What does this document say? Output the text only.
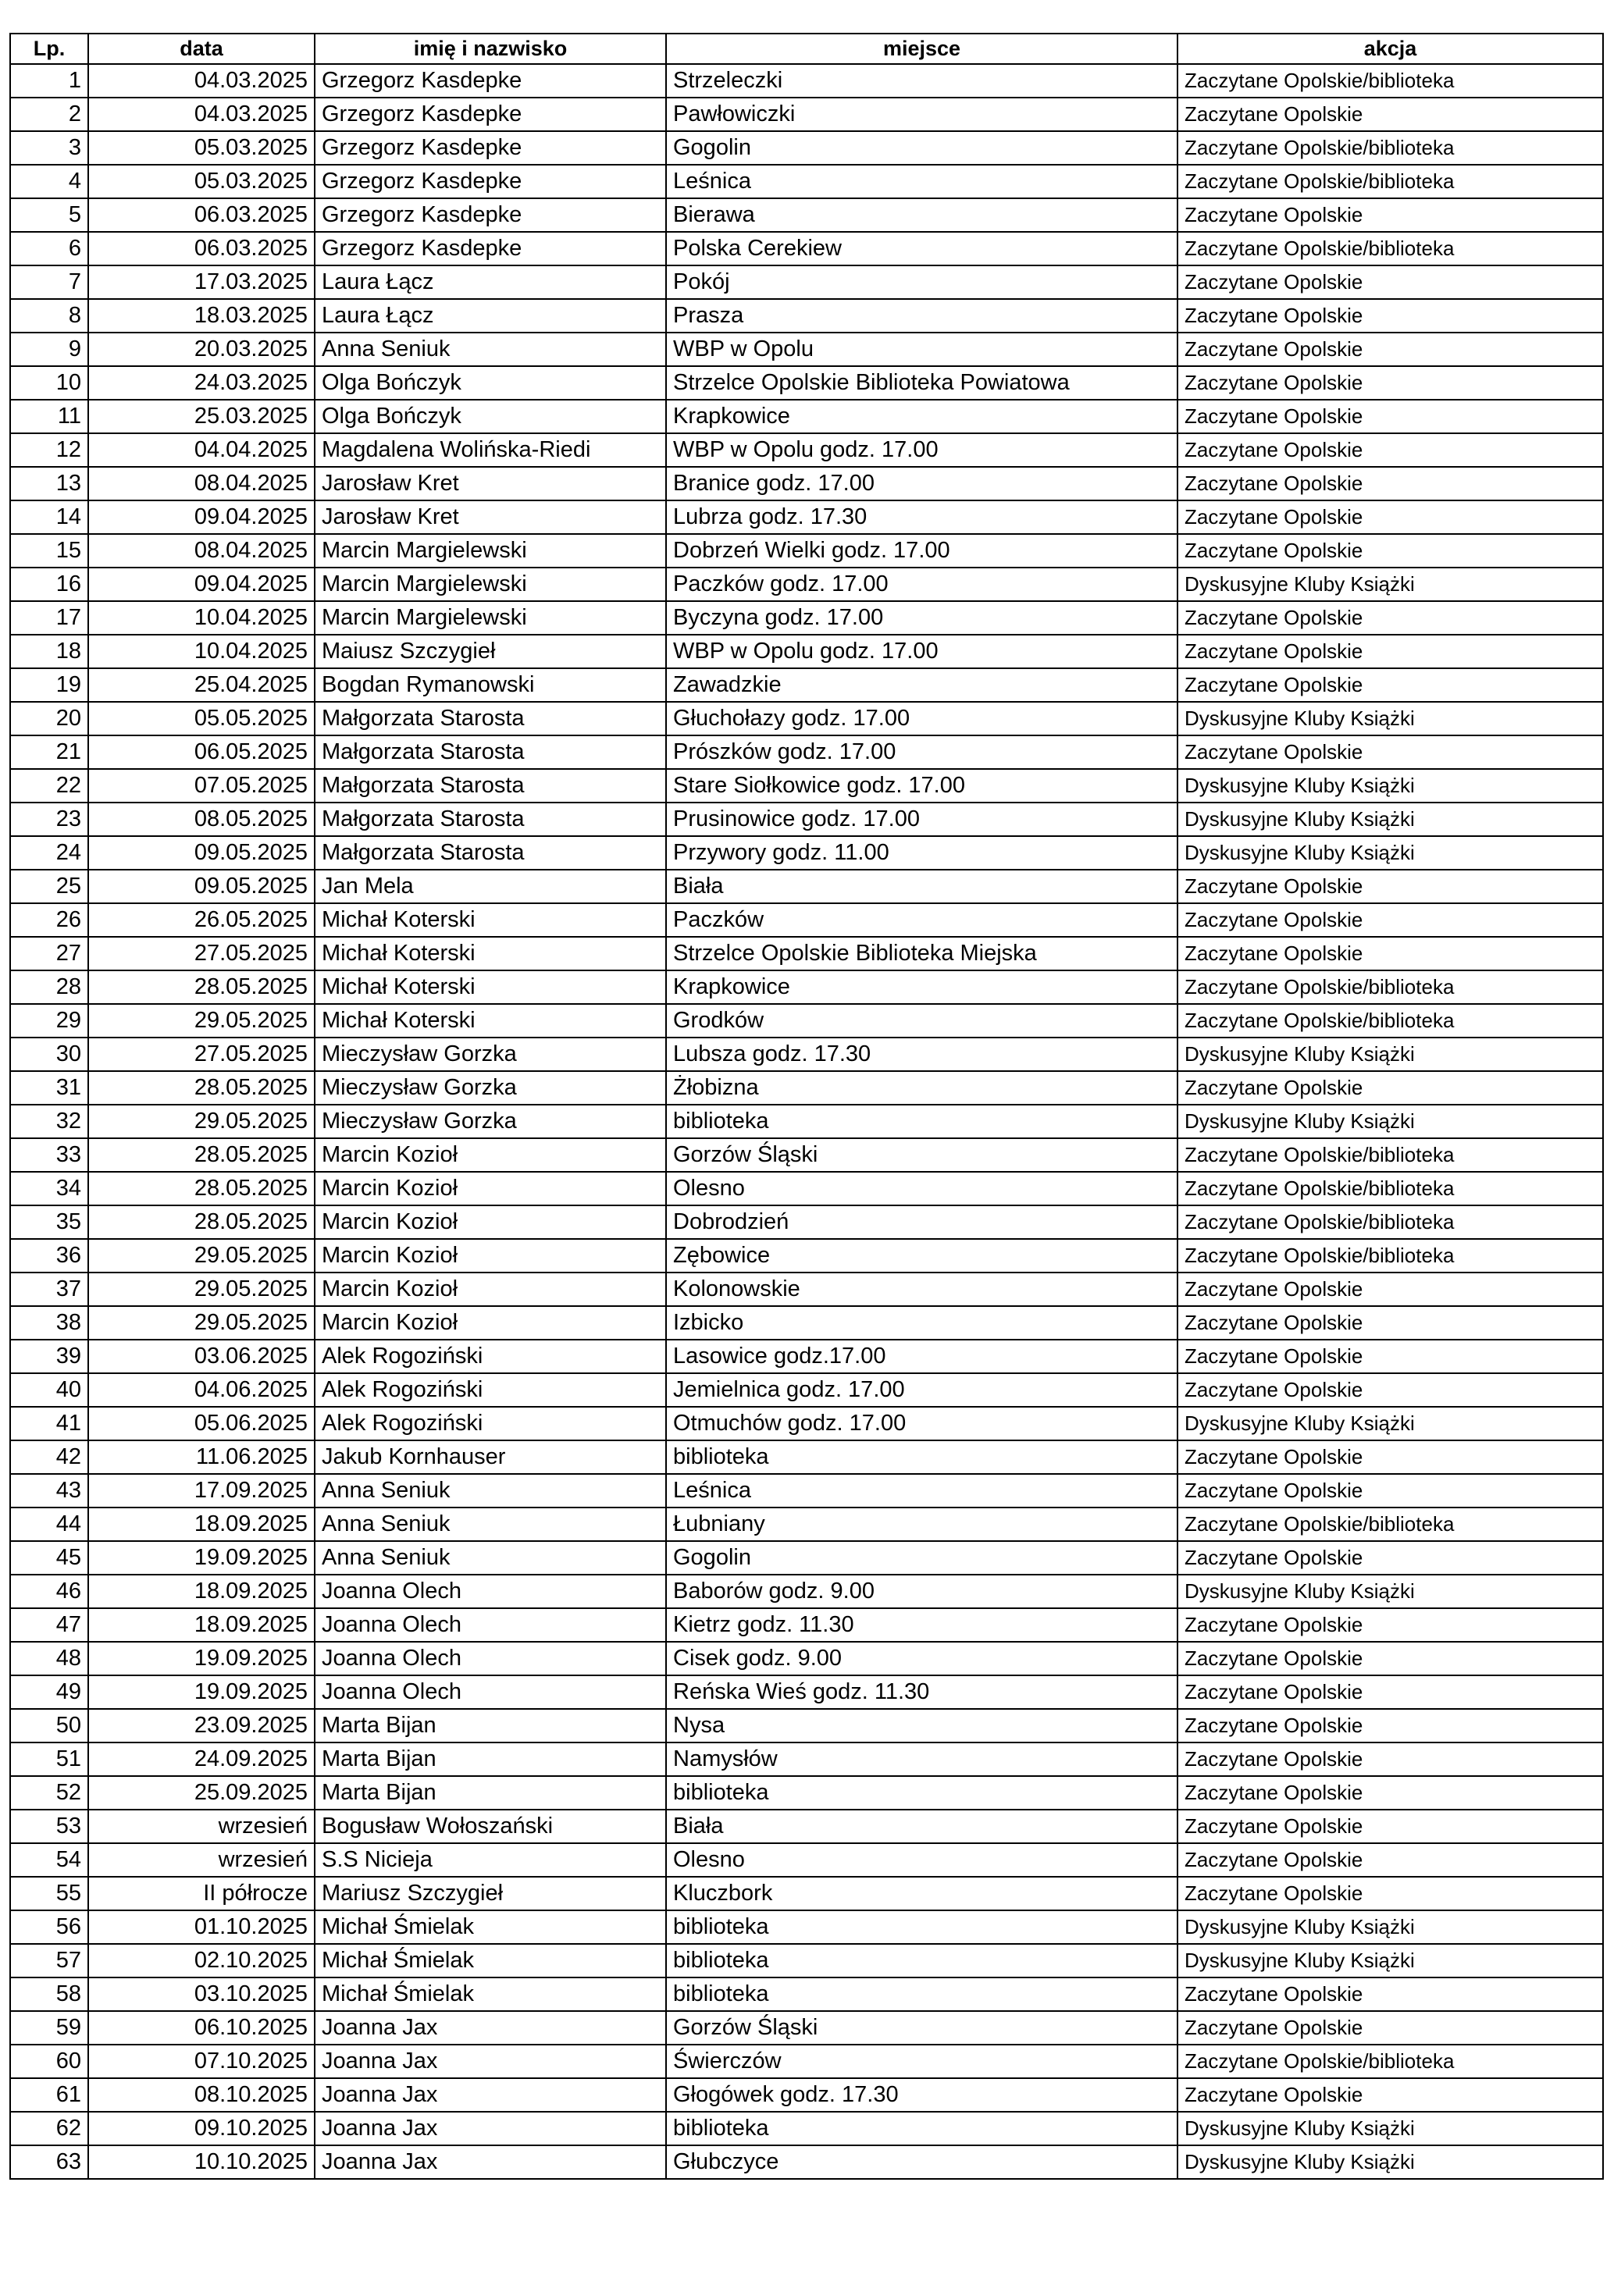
Lp.	data	imię i nazwisko	miejsce	akcja
1	04.03.2025	Grzegorz Kasdepke	Strzeleczki	Zaczytane Opolskie/biblioteka
2	04.03.2025	Grzegorz Kasdepke	Pawłowiczki	Zaczytane Opolskie
3	05.03.2025	Grzegorz Kasdepke	Gogolin	Zaczytane Opolskie/biblioteka
4	05.03.2025	Grzegorz Kasdepke	Leśnica	Zaczytane Opolskie/biblioteka
5	06.03.2025	Grzegorz Kasdepke	Bierawa	Zaczytane Opolskie
6	06.03.2025	Grzegorz Kasdepke	Polska Cerekiew	Zaczytane Opolskie/biblioteka
7	17.03.2025	Laura Łącz	Pokój	Zaczytane Opolskie
8	18.03.2025	Laura Łącz	Prasza	Zaczytane Opolskie
9	20.03.2025	Anna Seniuk	WBP w Opolu	Zaczytane Opolskie
10	24.03.2025	Olga Bończyk	Strzelce Opolskie Biblioteka Powiatowa	Zaczytane Opolskie
11	25.03.2025	Olga Bończyk	Krapkowice	Zaczytane Opolskie
12	04.04.2025	Magdalena Wolińska-Riedi	WBP w Opolu godz. 17.00	Zaczytane Opolskie
13	08.04.2025	Jarosław Kret	Branice godz. 17.00	Zaczytane Opolskie
14	09.04.2025	Jarosław Kret	Lubrza godz. 17.30	Zaczytane Opolskie
15	08.04.2025	Marcin Margielewski	Dobrzeń Wielki godz. 17.00	Zaczytane Opolskie
16	09.04.2025	Marcin Margielewski	Paczków godz. 17.00	Dyskusyjne Kluby Książki
17	10.04.2025	Marcin Margielewski	Byczyna godz. 17.00	Zaczytane Opolskie
18	10.04.2025	Maiusz Szczygieł	WBP w Opolu godz. 17.00	Zaczytane Opolskie
19	25.04.2025	Bogdan Rymanowski	Zawadzkie	Zaczytane Opolskie
20	05.05.2025	Małgorzata Starosta	Głuchołazy godz. 17.00	Dyskusyjne Kluby Książki
21	06.05.2025	Małgorzata Starosta	Prószków godz. 17.00	Zaczytane Opolskie
22	07.05.2025	Małgorzata Starosta	Stare Siołkowice godz. 17.00	Dyskusyjne Kluby Książki
23	08.05.2025	Małgorzata Starosta	Prusinowice godz. 17.00	Dyskusyjne Kluby Książki
24	09.05.2025	Małgorzata Starosta	Przywory godz. 11.00	Dyskusyjne Kluby Książki
25	09.05.2025	Jan Mela	Biała	Zaczytane Opolskie
26	26.05.2025	Michał Koterski	Paczków	Zaczytane Opolskie
27	27.05.2025	Michał Koterski	Strzelce Opolskie Biblioteka Miejska	Zaczytane Opolskie
28	28.05.2025	Michał Koterski	Krapkowice	Zaczytane Opolskie/biblioteka
29	29.05.2025	Michał Koterski	Grodków	Zaczytane Opolskie/biblioteka
30	27.05.2025	Mieczysław Gorzka	Lubsza godz. 17.30	Dyskusyjne Kluby Książki
31	28.05.2025	Mieczysław Gorzka	Żłobizna	Zaczytane Opolskie
32	29.05.2025	Mieczysław Gorzka	biblioteka	Dyskusyjne Kluby Książki
33	28.05.2025	Marcin Kozioł	Gorzów Śląski	Zaczytane Opolskie/biblioteka
34	28.05.2025	Marcin Kozioł	Olesno	Zaczytane Opolskie/biblioteka
35	28.05.2025	Marcin Kozioł	Dobrodzień	Zaczytane Opolskie/biblioteka
36	29.05.2025	Marcin Kozioł	Zębowice	Zaczytane Opolskie/biblioteka
37	29.05.2025	Marcin Kozioł	Kolonowskie	Zaczytane Opolskie
38	29.05.2025	Marcin Kozioł	Izbicko	Zaczytane Opolskie
39	03.06.2025	Alek Rogoziński	Lasowice godz.17.00	Zaczytane Opolskie
40	04.06.2025	Alek Rogoziński	Jemielnica godz. 17.00	Zaczytane Opolskie
41	05.06.2025	Alek Rogoziński	Otmuchów godz. 17.00	Dyskusyjne Kluby Książki
42	11.06.2025	Jakub Kornhauser	biblioteka	Zaczytane Opolskie
43	17.09.2025	Anna Seniuk	Leśnica	Zaczytane Opolskie
44	18.09.2025	Anna Seniuk	Łubniany	Zaczytane Opolskie/biblioteka
45	19.09.2025	Anna Seniuk	Gogolin	Zaczytane Opolskie
46	18.09.2025	Joanna Olech	Baborów godz. 9.00	Dyskusyjne Kluby Książki
47	18.09.2025	Joanna Olech	Kietrz godz. 11.30	Zaczytane Opolskie
48	19.09.2025	Joanna Olech	Cisek godz. 9.00	Zaczytane Opolskie
49	19.09.2025	Joanna Olech	Reńska Wieś godz. 11.30	Zaczytane Opolskie
50	23.09.2025	Marta Bijan	Nysa	Zaczytane Opolskie
51	24.09.2025	Marta Bijan	Namysłów	Zaczytane Opolskie
52	25.09.2025	Marta Bijan	biblioteka	Zaczytane Opolskie
53	wrzesień	Bogusław Wołoszański	Biała	Zaczytane Opolskie
54	wrzesień	S.S Nicieja	Olesno	Zaczytane Opolskie
55	II półrocze	Mariusz Szczygieł	Kluczbork	Zaczytane Opolskie
56	01.10.2025	Michał Śmielak	biblioteka	Dyskusyjne Kluby Książki
57	02.10.2025	Michał Śmielak	biblioteka	Dyskusyjne Kluby Książki
58	03.10.2025	Michał Śmielak	biblioteka	Zaczytane Opolskie
59	06.10.2025	Joanna Jax	Gorzów Śląski	Zaczytane Opolskie
60	07.10.2025	Joanna Jax	Świerczów	Zaczytane Opolskie/biblioteka
61	08.10.2025	Joanna Jax	Głogówek godz. 17.30	Zaczytane Opolskie
62	09.10.2025	Joanna Jax	biblioteka	Dyskusyjne Kluby Książki
63	10.10.2025	Joanna Jax	Głubczyce	Dyskusyjne Kluby Książki
